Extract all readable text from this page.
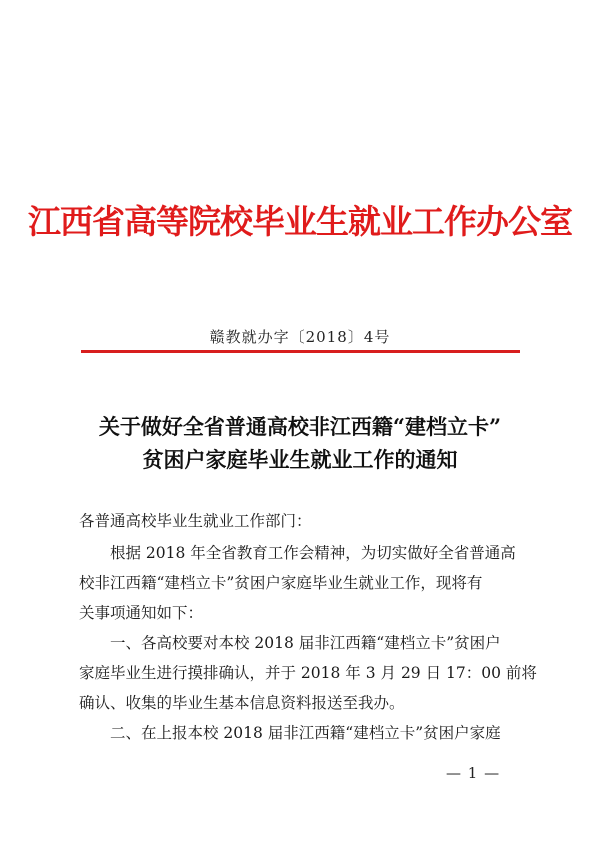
江西省高等院校毕业生就业工作办公室
赣教就办字〔2018〕4号
关于做好全省普通高校非江西籍“建档立卡”
贫困户家庭毕业生就业工作的通知
各普通高校毕业生就业工作部门：
根据 2018 年全省教育工作会精神，为切实做好全省普通高
校非江西籍“建档立卡”贫困户家庭毕业生就业工作，现将有
关事项通知如下：
一、各高校要对本校 2018 届非江西籍“建档立卡”贫困户
家庭毕业生进行摸排确认，并于 2018 年 3 月 29 日 17：00 前将
确认、收集的毕业生基本信息资料报送至我办。
二、在上报本校 2018 届非江西籍“建档立卡”贫困户家庭
— 1 —
